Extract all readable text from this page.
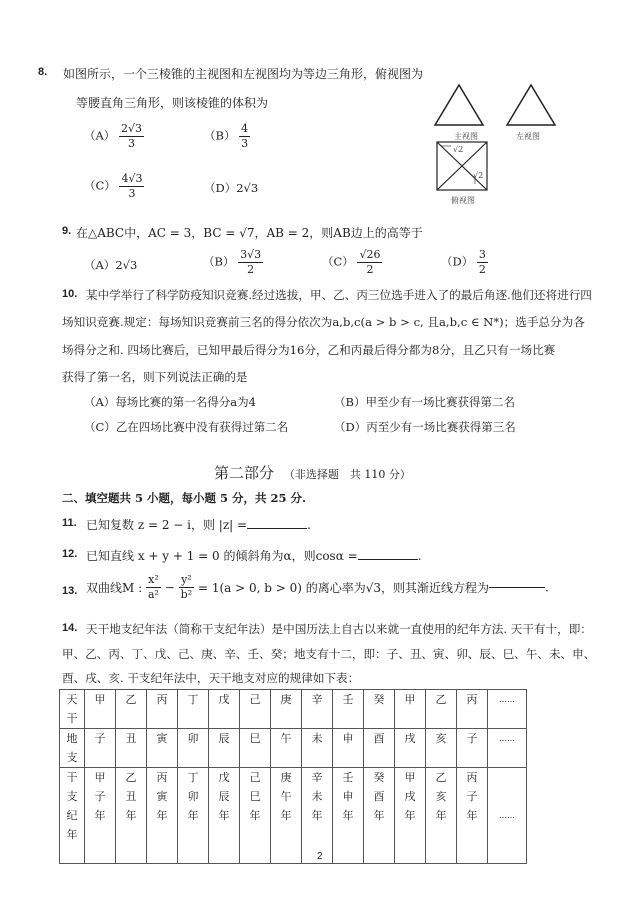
8. 如图所示，一个三棱锥的主视图和左视图均为等边三角形，俯视图为
等腰直角三角形，则该棱锥的体积为
$(A) \frac{2√3}{3}$	$(B) \frac{4}{3}$
$(C) \frac{4√3}{3}$	（D）2√3
主视图	左视图
俯视图
√2
√2
9. 在△ABC中，AC = 3，BC = √7，AB = 2，则AB边上的高等于
（A）2√3	$(B) \frac{3√3}{2}$	$(C) \frac{√26}{2}$	$(D) \frac{3}{2}$
10. 某中学举行了科学防疫知识竞赛.经过选拔，甲、乙、丙三位选手进入了的最后角逐.他们还将进行四
场知识竞赛.规定：每场知识竞赛前三名的得分依次为a,b,c(a > b > c, 且a,b,c ∈ N*)；选手总分为各
场得分之和. 四场比赛后，已知甲最后得分为16分，乙和丙最后得分都为8分，且乙只有一场比赛
获得了第一名，则下列说法正确的是
（A）每场比赛的第一名得分a为4	（B）甲至少有一场比赛获得第二名
（C）乙在四场比赛中没有获得过第二名	（D）丙至少有一场比赛获得第三名
第二部分 （非选择题　共 110 分）
二、填空题共 5 小题，每小题 5 分，共 25 分.
11. 已知复数 z = 2 − i，则 |z| =	.
12. 已知直线 x + y + 1 = 0 的倾斜角为α，则cosα =	.
13. 双曲线M : $\frac{\text{x²}}{\text{a²}} - \frac{\text{y²}}{\text{b²}} = 1(a > 0$, b > 0) 的离心率为√3，则其渐近线方程为	.
14. 天干地支纪年法（简称干支纪年法）是中国历法上自古以来就一直使用的纪年方法. 天干有十，即：
甲、乙、丙、丁、戊、己、庚、辛、壬、癸；地支有十二，即：子、丑、寅、卯、辰、巳、午、未、申、
酉、戌、亥. 干支纪年法中，天干地支对应的规律如下表：
天干	甲	乙	丙	丁	戊	己	庚	辛	壬	癸	甲	乙	丙	……
地支	子	丑	寅	卯	辰	巳	午	未	申	酉	戌	亥	子	……
干支纪年	甲子年	乙丑年	丙寅年	丁卯年	戊辰年	己巳年	庚午年	辛未年	壬申年	癸酉年	甲戌年	乙亥年	丙子年	……
2
